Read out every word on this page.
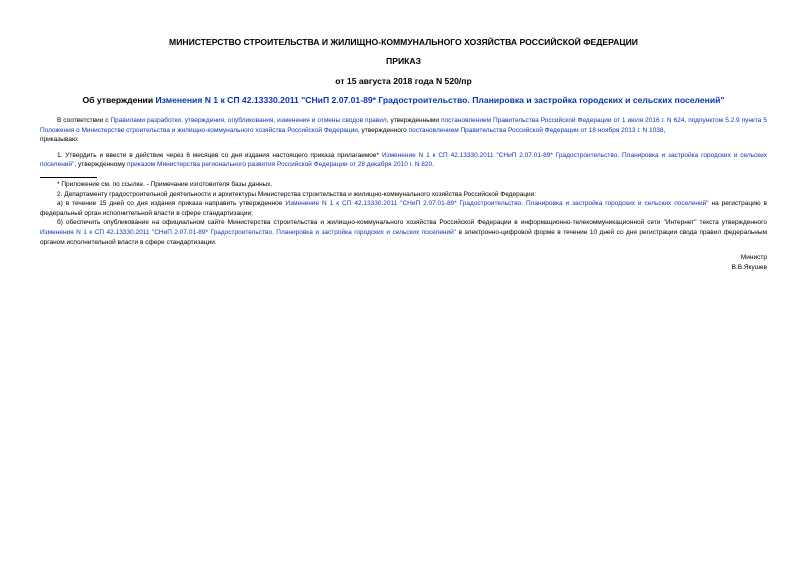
МИНИСТЕРСТВО СТРОИТЕЛЬСТВА И ЖИЛИЩНО-КОММУНАЛЬНОГО ХОЗЯЙСТВА РОССИЙСКОЙ ФЕДЕРАЦИИ
ПРИКАЗ
от 15 августа 2018 года N 520/пр
Об утверждении Изменения N 1 к СП 42.13330.2011 "СНиП 2.07.01-89* Градостроительство. Планировка и застройка городских и сельских поселений"

В соответствии с Правилами разработки, утверждения, опубликования, изменения и отмены сводов правил, утвержденными постановлением Правительства Российской Федерации от 1 июля 2016 г. N 624, подпунктом 5.2.9 пункта 5 Положения о Министерстве строительства и жилищно-коммунального хозяйства Российской Федерации, утвержденного постановлением Правительства Российской Федерации от 18 ноября 2013 г. N 1038,

приказываю:

1. Утвердить и ввести в действие через 6 месяцев со дня издания настоящего приказа прилагаемое* Изменение N 1 к СП 42.13330.2011 "СНиП 2.07.01-89* Градостроительство. Планировка и застройка городских и сельских поселений", утвержденному приказом Министерства регионального развития Российской Федерации от 28 декабря 2010 г. N 820.

* Приложение см. по ссылке. - Примечание изготовителя базы данных.

2. Департаменту градостроительной деятельности и архитектуры Министерства строительства и жилищно-коммунального хозяйства Российской Федерации:

а) в течение 15 дней со дня издания приказа направить утвержденное Изменение N 1 к СП 42.13330.2011 "СНиП 2.07.01-89* Градостроительство. Планировка и застройка городских и сельских поселений" на регистрацию в федеральный орган исполнительной власти в сфере стандартизации;

б) обеспечить опубликование на официальном сайте Министерства строительства и жилищно-коммунального хозяйства Российской Федерации в информационно-телекоммуникационной сети "Интернет" текста утвержденного Изменения N 1 к СП 42.13330.2011 "СНиП 2.07.01-89* Градостроительство. Планировка и застройка городских и сельских поселений" в электронно-цифровой форме в течение 10 дней со дня регистрации свода правил федеральным органом исполнительной власти в сфере стандартизации.

Министр

В.В.Якушев
